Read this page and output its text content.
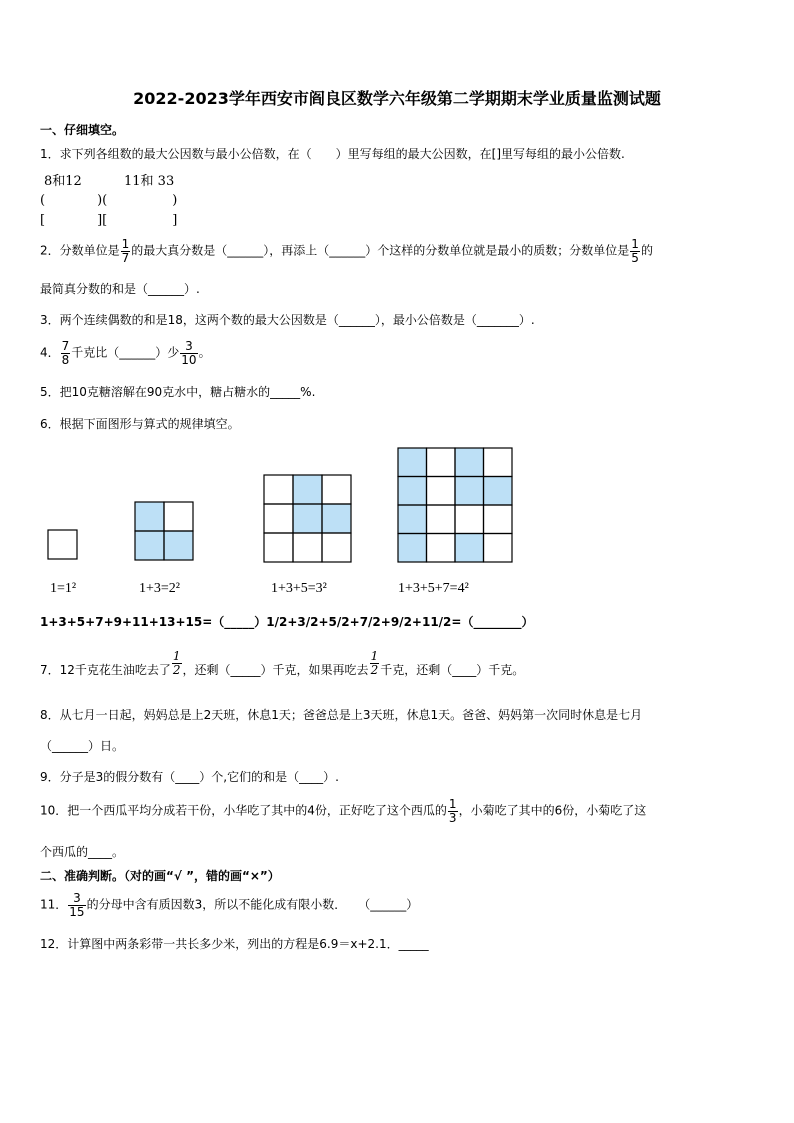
2022-2023学年西安市阎良区数学六年级第二学期期末学业质量监测试题
一、仔细填空。
1．求下列各组数的最大公因数与最小公倍数，在（　　）里写每组的最大公因数，在[]里写每组的最小公倍数.
8和12	11和 33
(　　　　)(　　　　　)
[　　　　][　　　　　]
2．分数单位是 $\frac{1}{7}$ 的最大真分数是（______），再添上（______）个这样的分数单位就是最小的质数；分数单位是 $\frac{1}{5}$ 的
最简真分数的和是（______）.
3．两个连续偶数的和是18，这两个数的最大公因数是（______），最小公倍数是（_______）.
4． $\frac{7}{8}$ 千克比（______）少 $\frac{3}{10}$ 。
5．把10克糖溶解在90克水中，糖占糖水的_____%.
6．根据下面图形与算式的规律填空。
1=1²	1+3=2²	1+3+5=3²	1+3+5+7=4²
1+3+5+7+9+11+13+15=（_____）1/2+3/2+5/2+7/2+9/2+11/2=（________）
7．12千克花生油吃去了 $\frac{1}{2}$ ，还剩（_____）千克，如果再吃去 $\frac{1}{2}$ 千克，还剩（____）千克。
8．从七月一日起，妈妈总是上2天班，休息1天；爸爸总是上3天班，休息1天。爸爸、妈妈第一次同时休息是七月
（______）日。
9．分子是3的假分数有（____）个,它们的和是（____）.
10．把一个西瓜平均分成若干份，小华吃了其中的4份，正好吃了这个西瓜的 $\frac{1}{3}$ ，小菊吃了其中的6份，小菊吃了这
个西瓜的____。
二、准确判断。（对的画“√ ”，错的画“×”）
11． $\frac{3}{15}$ 的分母中含有质因数3，所以不能化成有限小数．　　（______）
12．计算图中两条彩带一共长多少米，列出的方程是6.9＝x+2.1．_____
